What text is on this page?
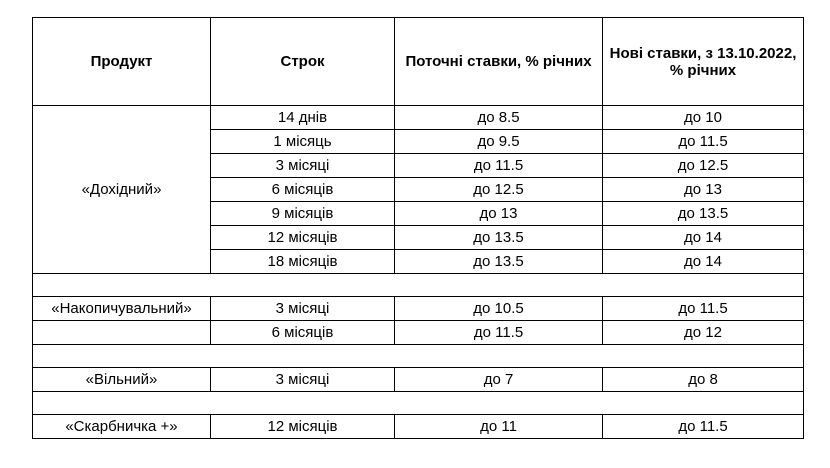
Продукт	Строк	Поточні ставки, % річних	Нові ставки, з 13.10.2022, % річних
«Дохідний»	14 днів	до 8.5	до 10
	1 місяць	до 9.5	до 11.5
	3 місяці	до 11.5	до 12.5
	6 місяців	до 12.5	до 13
	9 місяців	до 13	до 13.5
	12 місяців	до 13.5	до 14
	18 місяців	до 13.5	до 14

«Накопичувальний»	3 місяці	до 10.5	до 11.5
	6 місяців	до 11.5	до 12

«Вільний»	3 місяці	до 7	до 8

«Скарбничка +»	12 місяців	до 11	до 11.5
